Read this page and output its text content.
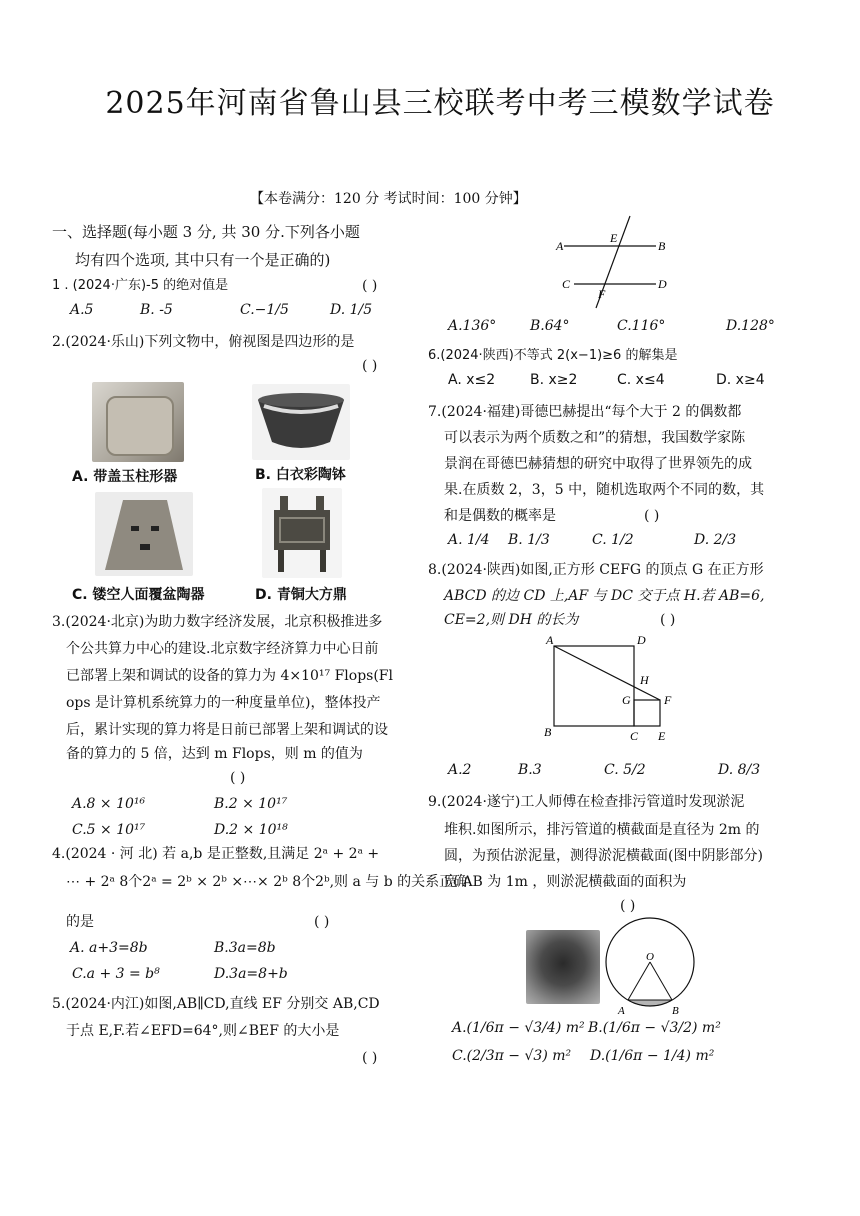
2025年河南省鲁山县三校联考中考三模数学试卷
【本卷满分：120 分 考试时间：100 分钟】
一、选择题(每小题 3 分, 共 30 分.下列各小题
均有四个选项, 其中只有一个是正确的)
1 . (2024·广东)-5 的绝对值是	( )
A.5	B. -5	C.−1/5	D. 1/5
2.(2024·乐山)下列文物中，俯视图是四边形的是
( )
A. 带盖玉柱形器	B. 白衣彩陶钵
C. 镂空人面覆盆陶器	D. 青铜大方鼎
3.(2024·北京)为助力数字经济发展，北京积极推进多
个公共算力中心的建设.北京数字经济算力中心日前
已部署上架和调试的设备的算力为 4×10¹⁷ Flops(Fl
ops 是计算机系统算力的一种度量单位)，整体投产
后，累计实现的算力将是日前已部署上架和调试的设
备的算力的 5 倍，达到 m Flops，则 m 的值为
( )
A.8 × 10¹⁶	B.2 × 10¹⁷
C.5 × 10¹⁷	D.2 × 10¹⁸
4.(2024 · 河 北) 若 a,b 是正整数,且满足 2ᵃ + 2ᵃ +
⋯ + 2ᵃ 8个2ᵃ = 2ᵇ × 2ᵇ ×⋯× 2ᵇ 8个2ᵇ,则 a 与 b 的关系正确
的是	( )
A. a+3=8b	B.3a=8b
C.a + 3 = b⁸	D.3a=8+b
5.(2024·内江)如图,AB∥CD,直线 EF 分别交 AB,CD
于点 E,F.若∠EFD=64°,则∠BEF 的大小是
( )
A	B
C	D
E
F
A.136° B.64°	C.116°	D.128°
6.(2024·陕西)不等式 2(x−1)≥6 的解集是
A. x≤2 B. x≥2	C. x≤4	D. x≥4
7.(2024·福建)哥德巴赫提出“每个大于 2 的偶数都
可以表示为两个质数之和”的猜想，我国数学家陈
景润在哥德巴赫猜想的研究中取得了世界领先的成
果.在质数 2，3，5 中，随机选取两个不同的数，其
和是偶数的概率是	( )
A. 1/4 B. 1/3	C. 1/2	D. 2/3
8.(2024·陕西)如图,正方形 CEFG 的顶点 G 在正方形
ABCD 的边 CD 上,AF 与 DC 交于点 H.若 AB=6,
CE=2,则 DH 的长为	( )
A	D
B	C E
F
G
H
A.2	B.3	C. 5/2	D. 8/3
9.(2024·遂宁)工人师傅在检查排污管道时发现淤泥
堆积.如图所示，排污管道的横截面是直径为 2m 的
圆，为预估淤泥量，测得淤泥横截面(图中阴影部分)
宽 AB 为 1m ，则淤泥横截面的面积为
( )
O
A	B
A.(1/6π − √3/4) m² B.(1/6π − √3/2) m²
C.(2/3π − √3) m² D.(1/6π − 1/4) m²
